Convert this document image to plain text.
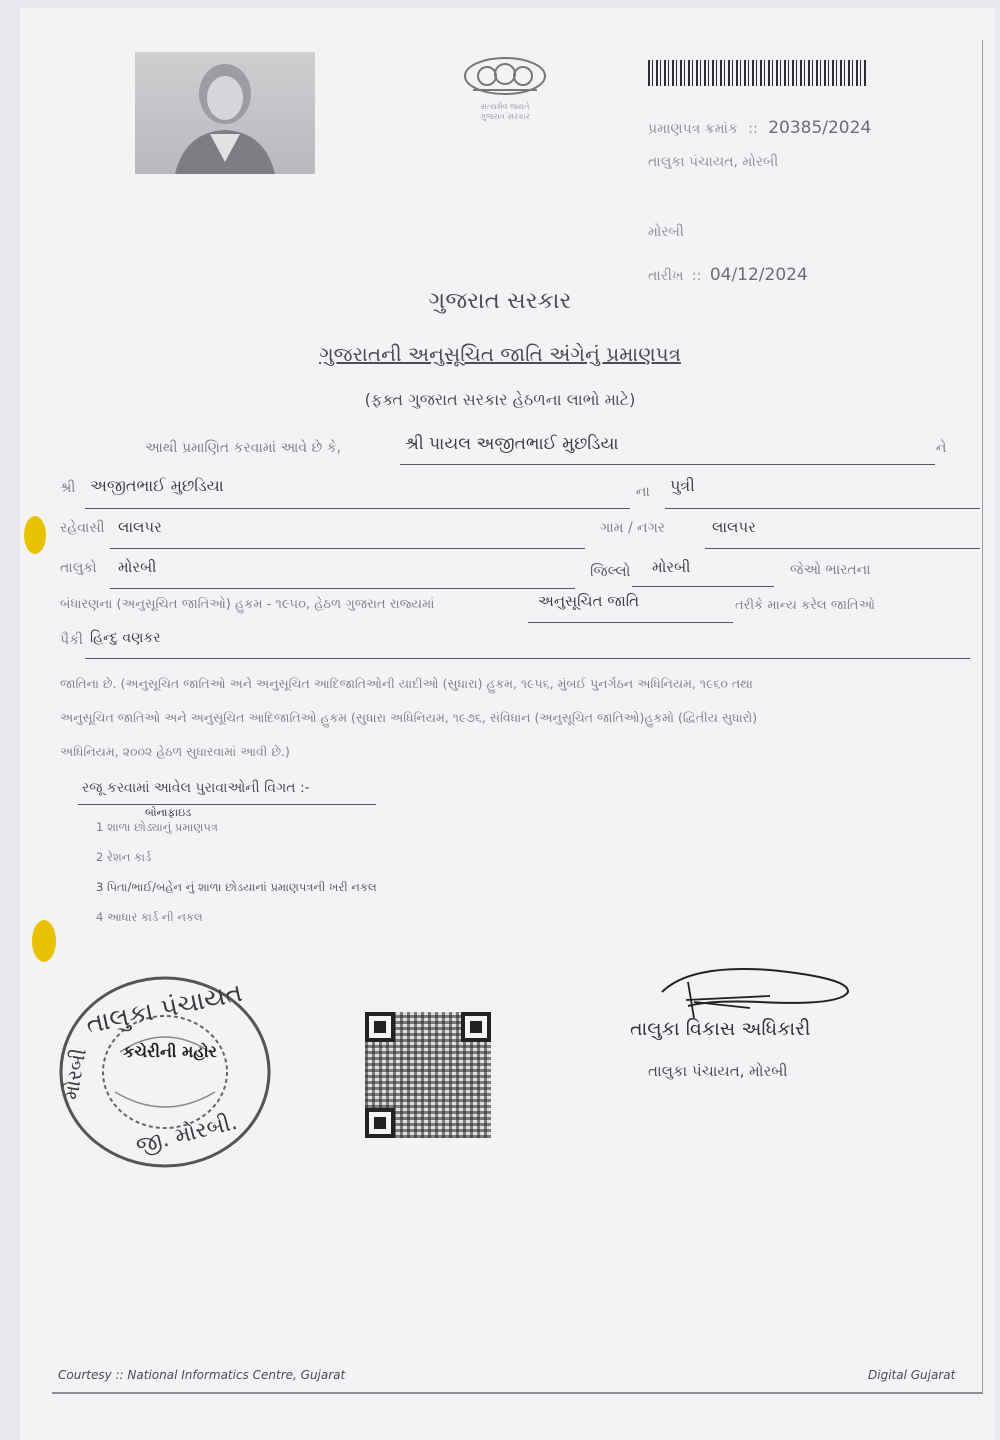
સત્યમેવ જયતે
ગુજરાત સરકાર
પ્રમાણપત્ર ક્રમાંક :: 20385/2024
તાલુકા પંચાયત, મોરબી
મોરબી
તારીખ :: 04/12/2024
ગુજરાત સરકાર
ગુજરાતની અનુસૂચિત જાતિ અંગેનું પ્રમાણપત્ર
(ફક્ત ગુજરાત સરકાર હેઠળના લાભો માટે)
આથી પ્રમાણિત કરવામાં આવે છે કે,	શ્રી પાયલ અજીતભાઈ મુછડિયા	ને
શ્રી અજીતભાઈ મુછડિયા	ના પુત્રી
રહેવાસી લાલપર	ગામ / નગર	લાલપર
તાલુકો મોરબી	જિલ્લો મોરબી	જેઓ ભારતના
બંધારણના (અનુસૂચિત જાતિઓ) હુકમ - ૧૯૫૦, હેઠળ ગુજરાત રાજ્યમાં	અનુસૂચિત જાતિ	તરીકે માન્ય કરેલ જાતિઓ
પૈકી હિન્દુ વણકર
જાતિના છે. (અનુસૂચિત જાતિઓ અને અનુસૂચિત આદિજાતિઓની યાદીઓ (સુધારા) હુકમ, ૧૯૫૬, મુંબઈ પુનર્ગઠન અધિનિયમ, ૧૯૬૦ તથા
અનુસૂચિત જાતિઓ અને અનુસૂચિત આદિજાતિઓ હુકમ (સુધારા અધિનિયમ, ૧૯૭૬, સંવિધાન (અનુસૂચિત જાતિઓ)હુકમો (દ્વિતીય સુધારો)
અધિનિયમ, ૨૦૦૨ હેઠળ સુધારવામાં આવી છે.)
રજૂ કરવામાં આવેલ પુરાવાઓની વિગત :-
બોનાફાઇડ
1 શાળા છોડ્યાનું પ્રમાણપત્ર
2 રેશન કાર્ડ
3 પિતા/ભાઈ/બહેન નું શાળા છોડયાનાં પ્રમાણપત્રની ખરી નકલ
4 આધાર કાર્ડ ની નકલ
તાલુકા પંચાયત
મોરબી
જી. મોરબી.
કચેરીની મહોર
તાલુકા વિકાસ અધિકારી
તાલુકા પંચાયત, મોરબી
Courtesy :: National Informatics Centre, Gujarat	Digital Gujarat
